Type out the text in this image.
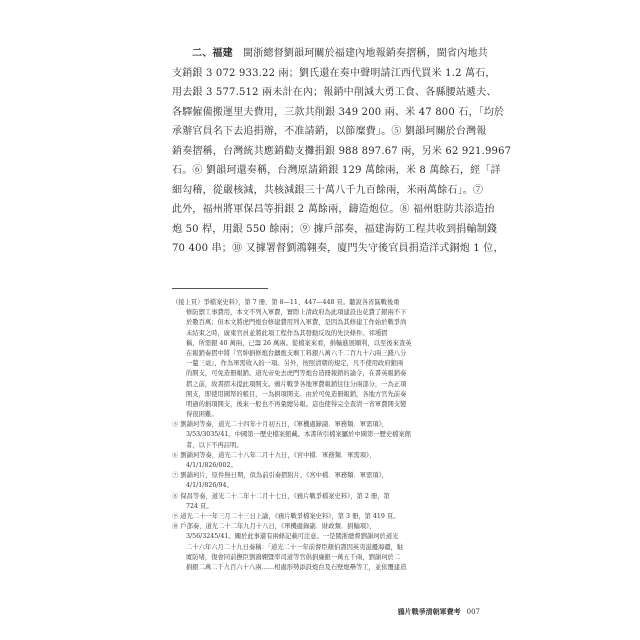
二、福建　閩浙總督劉韻珂關於福建內地報銷奏摺稱，閩省內地共
支銷銀 3 072 933.22 兩；劉氏還在奏中聲明請江西代買米 1.2 萬石，
用去銀 3 577.512 兩未計在內；報銷中削減大勇工食、各縣腰站遞夫、
各驛僱備搬運里夫費用，三款共削銀 349 200 兩、米 47 800 石，「均於
承辦官員名下去追捐辦，不准請銷，以節糜費」。⑤ 劉韻珂關於台灣報
銷奏摺稱，台灣統共應銷勸支攤捐銀 988 897.67 兩，另米 62 921.9967
石。⑥ 劉韻珂還奏稱，台灣原請銷銀 129 萬餘兩，米 8 萬餘石，經「詳
細勾稽，從嚴核減，共核減銀三十萬八千九百餘兩，米兩萬餘石」。⑦
此外，福州將軍保昌等捐銀 2 萬餘兩，鑄造炮位。⑧ 福州駐防共添造抬
炮 50 桿，用銀 550 餘兩；⑨ 據戶部奏，福建海防工程共收到捐輸制錢
70 400 串；⑩ 又據署督劉鴻翱奏，廈門失守後官員捐造洋式銅炮 1 位，
（接上頁）爭檔案史料》，第 7 冊，第 8—11、447—448 頁。聽說各省區戰後重
修防禦工事費用，本文不列入軍費，實際上清政府為此項建設也花費了銀兩不下
於數百萬；但本文將虎門炮台修建費用列入軍費，是因為其修建工作始於戰爭尚
未結束之時，廣東官員並將此項工程作為其發動反攻的先決條件。祁壎摺
稱，所需銀 40 萬兩，已籌 26 萬兩。從檔案來看，捐輸進展順利，以至後來查英
在報銷奏摺中將『官紳捐修炮台鑄炮支剩工料銀八萬六千二百九十六兩三錢八分
一釐三毫』，作為軍需收入的一項。另外，按照清朝的規定，凡不使用政府銀兩
的開支，可免造冊報銷。道光帝免去虎門等炮台造冊報銷的諭令，在書英報銷奏
摺之前，故書摺未提此項開支。鴉片戰爭各地軍費報銷往往分兩部分，一為正項
開支，即使用國帑的帳目，一為捐項開支。由於可免造冊報銷，各地方官先前奏
明過的捐項開支，後來一般也不再彙總另報。這也使得完全查清一省軍費開支變
得很困難。
⑤ 劉韻珂等奏，道光二十四年十月初五日，《軍機處錄副．軍務類．軍需項》，
3/53/3035/41。中國第一歷史檔案館藏。本書所引檔案屬於中國第一歷史檔案館
者，以下不再註明。
⑥ 劉韻珂等奏，道光二十八年二月十九日，《宮中檔．軍務類．軍需項》，
4/1/1/826/002。
⑦ 劉韻珂片，原件無日期，似為前引奏摺附片，《宮中檔．軍務類．軍需項》，
4/1/1/826/94。
⑧ 保昌等奏，道光二十二年十二月十七日，《鴉片戰爭檔案史料》，第 2 冊，第
724 頁。
⑨ 道光二十一年三月二十三日上諭，《鴉片戰爭檔案史料》，第 3 冊，第 419 頁。
⑩ 戶部奏，道光二十二年九月十八日，《軍機處錄副．財政類．捐輸項》，
3/56/3245/41。關於此事還有兩條記載可注意。一是閩浙總督劉韻珂於道光
二十六年六月二十九日奏稱：「道光二十一年前督臣顏伯燾因英夷滋擾海疆，駐
廈防堵，復會同前撫臣劉鴻翱暨率司道等官倡捐廉銀一萬五千兩，劉韻珂於二
捐銀二萬二千九百六十八兩……相處形勢添設炮台及石壁炮壘等工，並依覆建造
鴉片戰爭清朝軍費考 007
